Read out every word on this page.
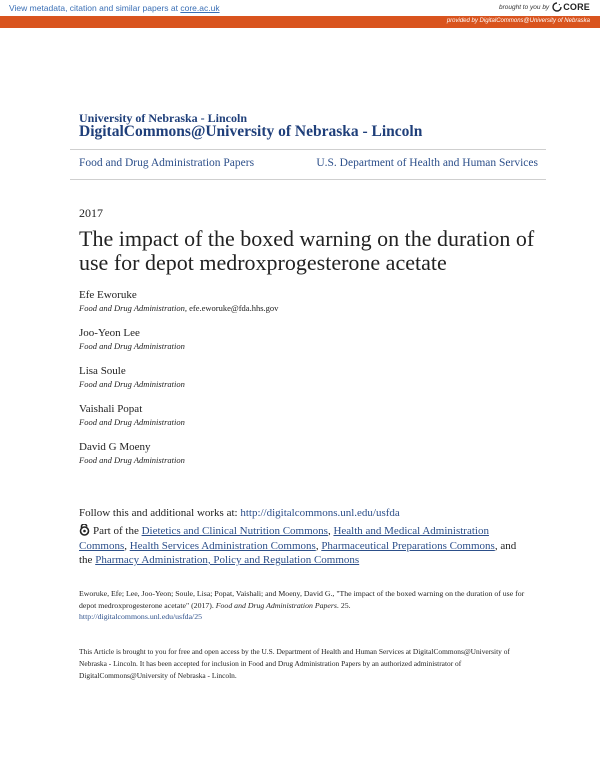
View metadata, citation and similar papers at core.ac.uk	brought to you by CORE
provided by DigitalCommons@University of Nebraska
University of Nebraska - Lincoln
DigitalCommons@University of Nebraska - Lincoln
Food and Drug Administration Papers	U.S. Department of Health and Human Services
2017
The impact of the boxed warning on the duration of use for depot medroxprogesterone acetate
Efe Eworuke
Food and Drug Administration, efe.eworuke@fda.hhs.gov
Joo-Yeon Lee
Food and Drug Administration
Lisa Soule
Food and Drug Administration
Vaishali Popat
Food and Drug Administration
David G Moeny
Food and Drug Administration
Follow this and additional works at: http://digitalcommons.unl.edu/usfda
Part of the Dietetics and Clinical Nutrition Commons, Health and Medical Administration Commons, Health Services Administration Commons, Pharmaceutical Preparations Commons, and
the Pharmacy Administration, Policy and Regulation Commons
Eworuke, Efe; Lee, Joo-Yeon; Soule, Lisa; Popat, Vaishali; and Moeny, David G., "The impact of the boxed warning on the duration of use for depot medroxprogesterone acetate" (2017). Food and Drug Administration Papers. 25.
http://digitalcommons.unl.edu/usfda/25
This Article is brought to you for free and open access by the U.S. Department of Health and Human Services at DigitalCommons@University of Nebraska - Lincoln. It has been accepted for inclusion in Food and Drug Administration Papers by an authorized administrator of DigitalCommons@University of Nebraska - Lincoln.
